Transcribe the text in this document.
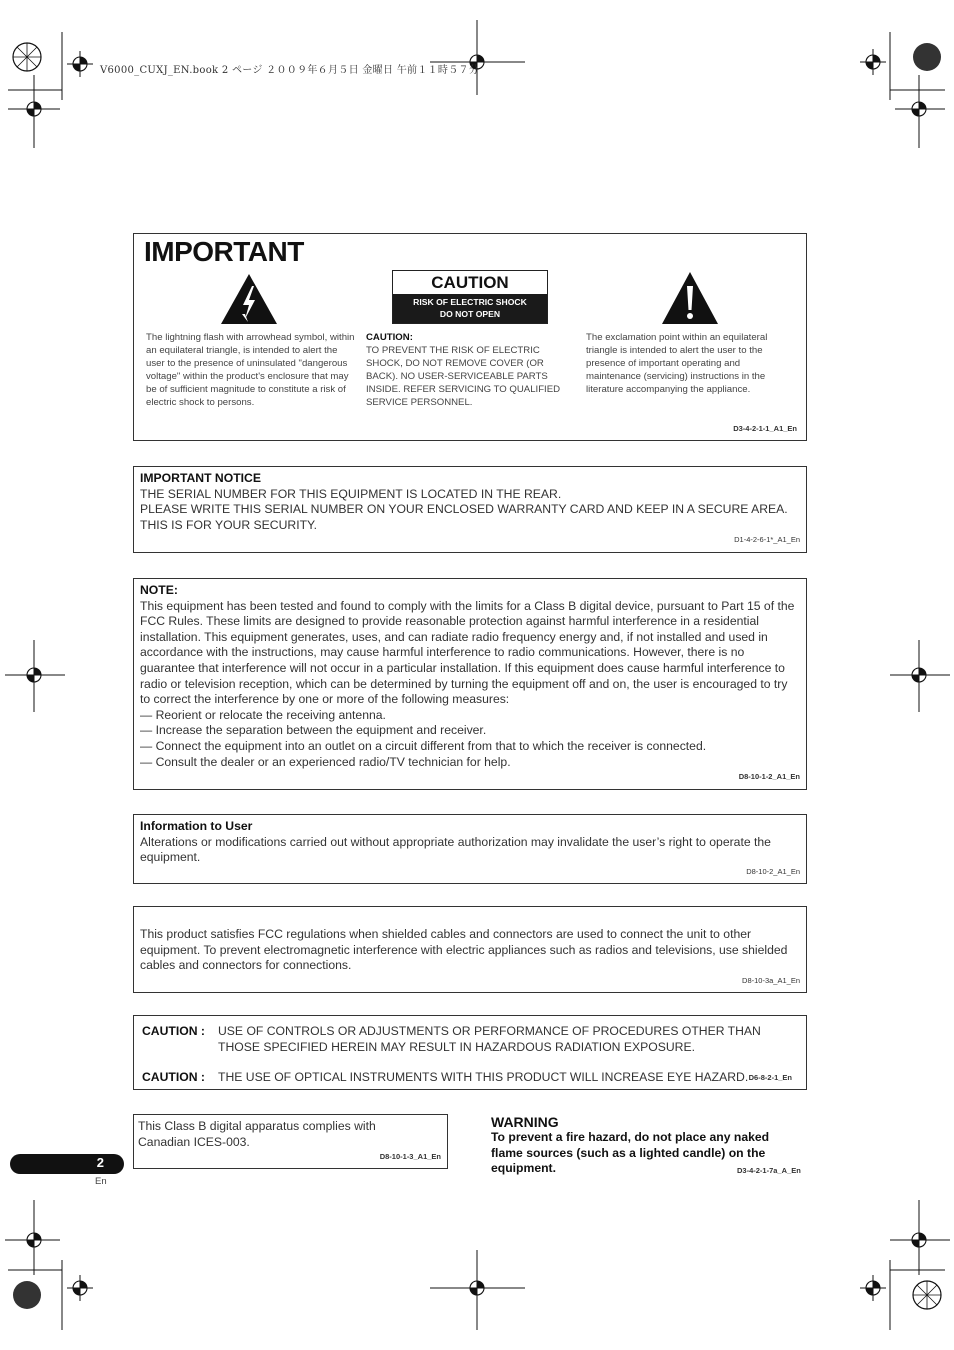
V6000_CUXJ_EN.book 2 ページ ２００９年６月５日 金曜日 午前１１時５７分
IMPORTANT
CAUTION
RISK OF ELECTRIC SHOCK
DO NOT OPEN
The lightning flash with arrowhead symbol, within an equilateral triangle, is intended to alert the user to the presence of uninsulated "dangerous voltage" within the product's enclosure that may be of sufficient magnitude to constitute a risk of electric shock to persons.
CAUTION:
TO PREVENT THE RISK OF ELECTRIC SHOCK, DO NOT REMOVE COVER (OR BACK). NO USER-SERVICEABLE PARTS INSIDE. REFER SERVICING TO QUALIFIED SERVICE PERSONNEL.
The exclamation point within an equilateral triangle is intended to alert the user to the presence of important operating and maintenance (servicing) instructions in the literature accompanying the appliance.
D3-4-2-1-1_A1_En
IMPORTANT NOTICE
THE SERIAL NUMBER FOR THIS EQUIPMENT IS LOCATED IN THE REAR.
PLEASE WRITE THIS SERIAL NUMBER ON YOUR ENCLOSED WARRANTY CARD AND KEEP IN A SECURE AREA.
THIS IS FOR YOUR SECURITY.
D1-4-2-6-1*_A1_En
NOTE:
This equipment has been tested and found to comply with the limits for a Class B digital device, pursuant to Part 15 of the FCC Rules. These limits are designed to provide reasonable protection against harmful interference in a residential installation. This equipment generates, uses, and can radiate radio frequency energy and, if not installed and used in accordance with the instructions, may cause harmful interference to radio communications. However, there is no guarantee that interference will not occur in a particular installation. If this equipment does cause harmful interference to radio or television reception, which can be determined by turning the equipment off and on, the user is encouraged to try to correct the interference by one or more of the following measures:
— Reorient or relocate the receiving antenna.
— Increase the separation between the equipment and receiver.
— Connect the equipment into an outlet on a circuit different from that to which the receiver is connected.
— Consult the dealer or an experienced radio/TV technician for help.
D8-10-1-2_A1_En
Information to User
Alterations or modifications carried out without appropriate authorization may invalidate the user’s right to operate the equipment.
D8-10-2_A1_En
This product satisfies FCC regulations when shielded cables and connectors are used to connect the unit to other equipment. To prevent electromagnetic interference with electric appliances such as radios and televisions, use shielded cables and connectors for connections.
D8-10-3a_A1_En
CAUTION :	USE OF CONTROLS OR ADJUSTMENTS OR PERFORMANCE OF PROCEDURES OTHER THAN THOSE SPECIFIED HEREIN MAY RESULT IN HAZARDOUS RADIATION EXPOSURE.
CAUTION :	THE USE OF OPTICAL INSTRUMENTS WITH THIS PRODUCT WILL INCREASE EYE HAZARD. D6-8-2-1_En
This Class B digital apparatus complies with Canadian ICES-003.
D8-10-1-3_A1_En
WARNING
To prevent a fire hazard, do not place any naked flame sources (such as a lighted candle) on the equipment.	D3-4-2-1-7a_A_En
2
En
